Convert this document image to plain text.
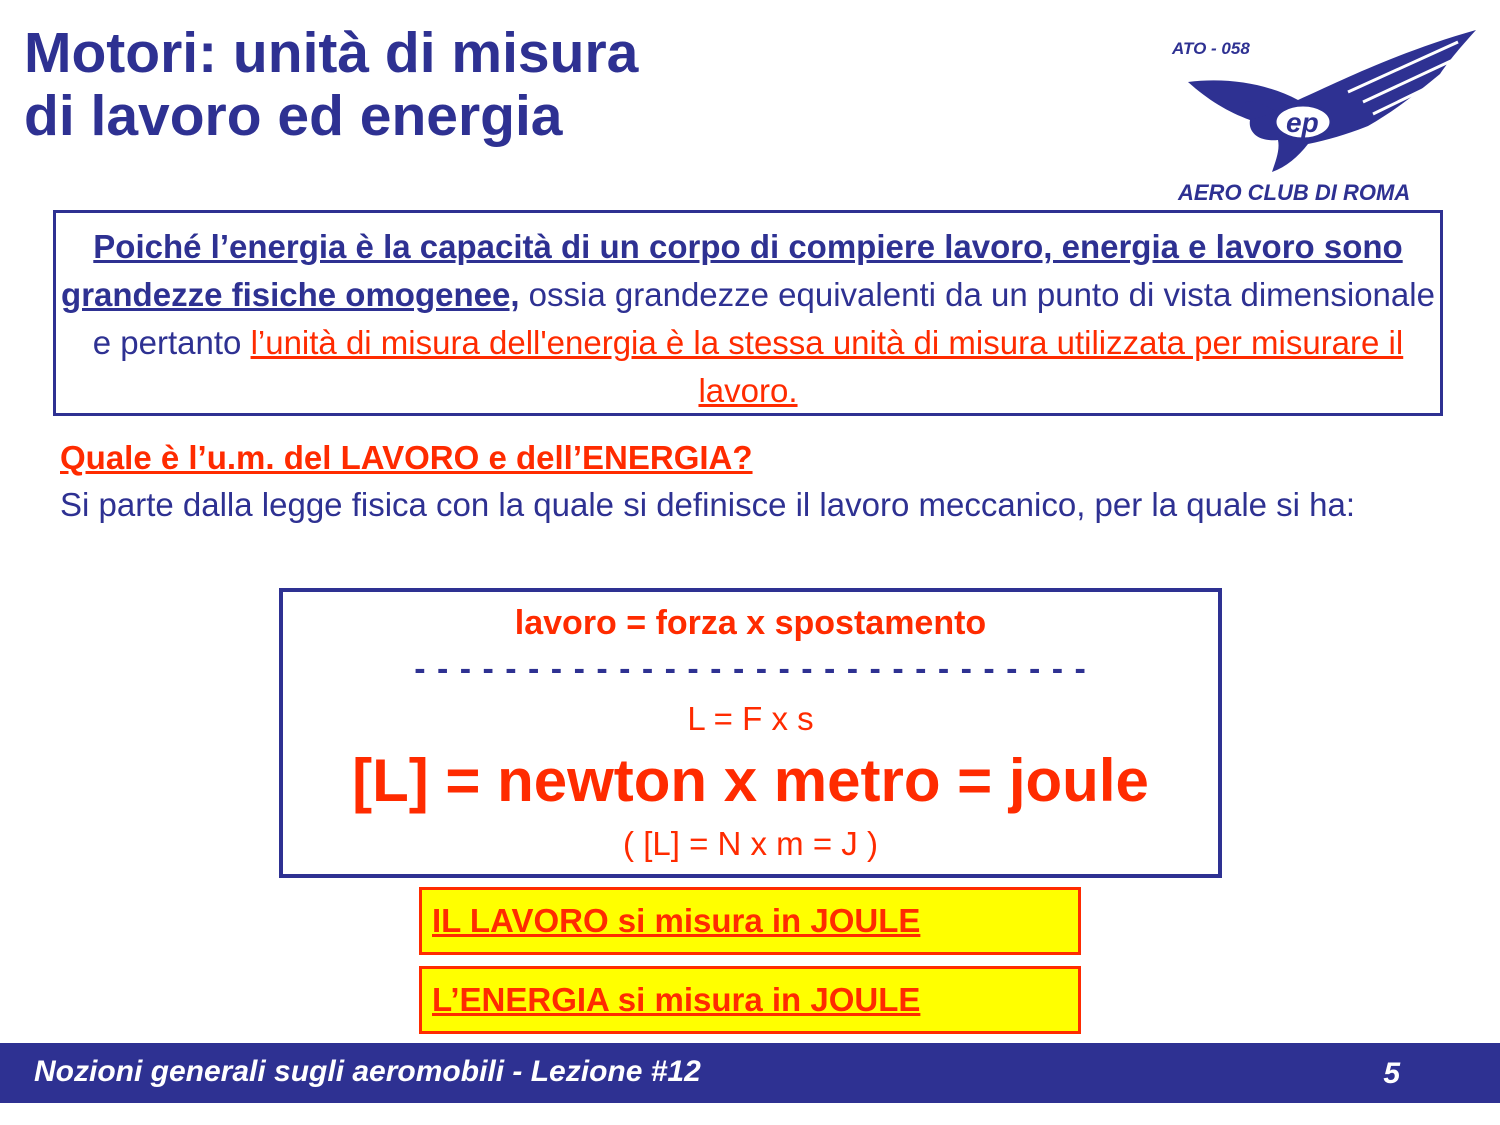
Motori: unità di misura
di lavoro ed energia	ep
ATO - 058
AERO CLUB DI ROMA
Poiché l’energia è la capacità di un corpo di compiere lavoro, energia e lavoro sono grandezze fisiche omogenee, ossia grandezze equivalenti da un punto di vista dimensionale e pertanto l’unità di misura dell'energia è la stessa unità di misura utilizzata per misurare il lavoro.
Quale è l’u.m. del LAVORO e dell’ENERGIA?
Si parte dalla legge fisica con la quale si definisce il lavoro meccanico, per la quale si ha:
lavoro = forza x spostamento
- - - - - - - - - - - - - - - - - - - - - - - - - - - - - -
L = F x s
[L] = newton x metro = joule
( [L] = N x m = J )
IL LAVORO si misura in JOULE
L’ENERGIA si misura in JOULE
Nozioni generali sugli aeromobili - Lezione #12	5
